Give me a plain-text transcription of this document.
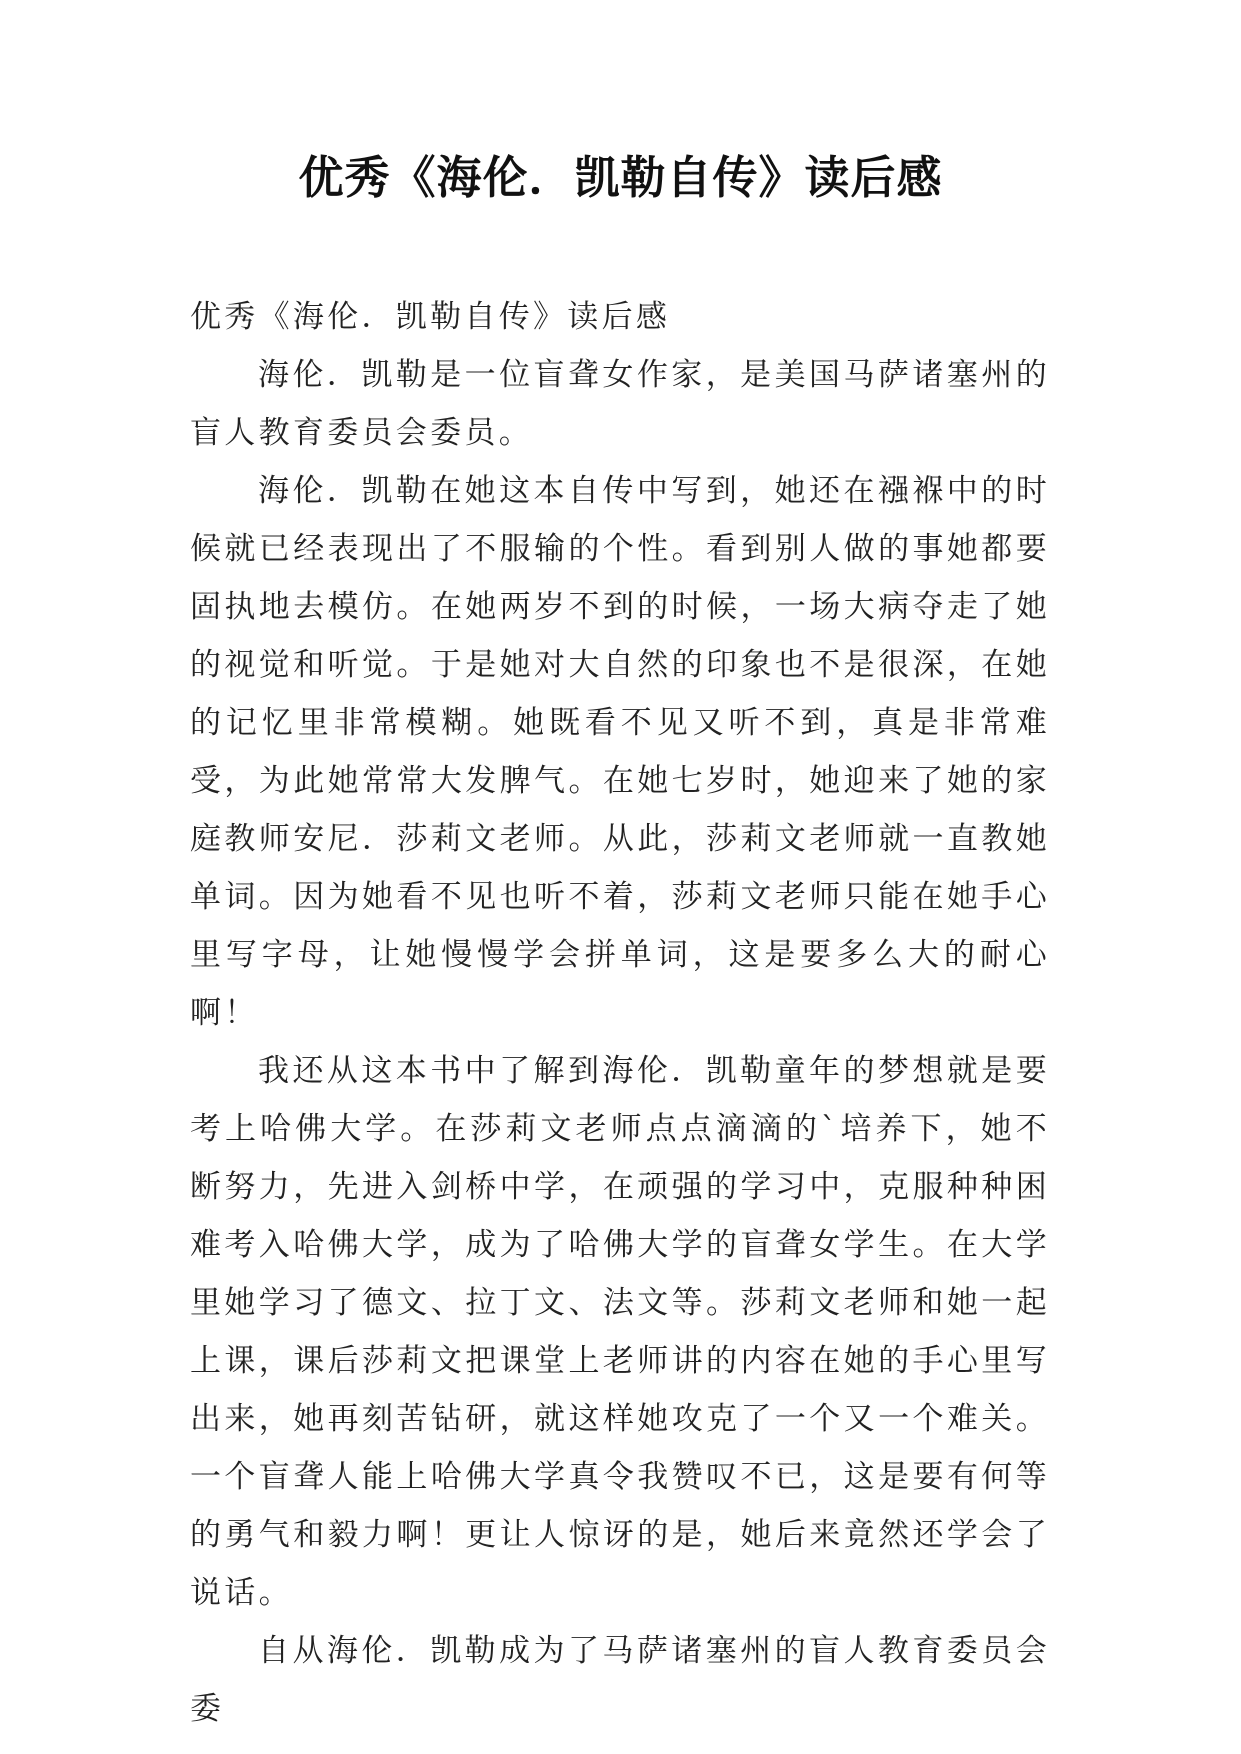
优秀《海伦．凯勒自传》读后感

优秀《海伦．凯勒自传》读后感

海伦．凯勒是一位盲聋女作家，是美国马萨诸塞州的盲人教育委员会委员。

海伦．凯勒在她这本自传中写到，她还在襁褓中的时候就已经表现出了不服输的个性。看到别人做的事她都要固执地去模仿。在她两岁不到的时候，一场大病夺走了她的视觉和听觉。于是她对大自然的印象也不是很深，在她的记忆里非常模糊。她既看不见又听不到，真是非常难受，为此她常常大发脾气。在她七岁时，她迎来了她的家庭教师安尼．莎莉文老师。从此，莎莉文老师就一直教她单词。因为她看不见也听不着，莎莉文老师只能在她手心里写字母，让她慢慢学会拼单词，这是要多么大的耐心啊！

我还从这本书中了解到海伦．凯勒童年的梦想就是要考上哈佛大学。在莎莉文老师点点滴滴的`培养下，她不断努力，先进入剑桥中学，在顽强的学习中，克服种种困难考入哈佛大学，成为了哈佛大学的盲聋女学生。在大学里她学习了德文、拉丁文、法文等。莎莉文老师和她一起上课，课后莎莉文把课堂上老师讲的内容在她的手心里写出来，她再刻苦钻研，就这样她攻克了一个又一个难关。一个盲聋人能上哈佛大学真令我赞叹不已，这是要有何等的勇气和毅力啊！更让人惊讶的是，她后来竟然还学会了说话。

自从海伦．凯勒成为了马萨诸塞州的盲人教育委员会委
